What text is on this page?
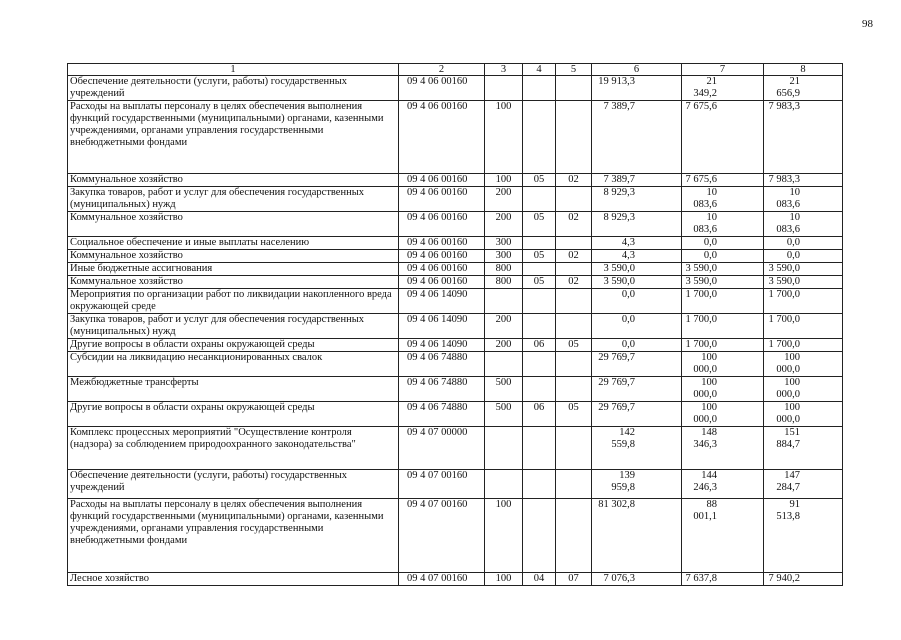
98
1	2	3	4	5	6	7	8
Обеспечение деятельности (услуги, работы) государственных учреждений	09 4 06 00160				19 913,3	21 349,2	21 656,9
Расходы на выплаты персоналу в целях обеспечения выполнения функций государственными (муниципальными) органами, казенными учреждениями, органами управления государственными внебюджетными фондами	09 4 06 00160	100			7 389,7	7 675,6	7 983,3
Коммунальное хозяйство	09 4 06 00160	100	05	02	7 389,7	7 675,6	7 983,3
Закупка товаров, работ и услуг для обеспечения государственных (муниципальных) нужд	09 4 06 00160	200			8 929,3	10 083,6	10 083,6
Коммунальное хозяйство	09 4 06 00160	200	05	02	8 929,3	10 083,6	10 083,6
Социальное обеспечение и иные выплаты населению	09 4 06 00160	300			4,3	0,0	0,0
Коммунальное хозяйство	09 4 06 00160	300	05	02	4,3	0,0	0,0
Иные бюджетные ассигнования	09 4 06 00160	800			3 590,0	3 590,0	3 590,0
Коммунальное хозяйство	09 4 06 00160	800	05	02	3 590,0	3 590,0	3 590,0
Мероприятия по организации работ по ликвидации накопленного вреда окружающей среде	09 4 06 14090				0,0	1 700,0	1 700,0
Закупка товаров, работ и услуг для обеспечения государственных (муниципальных) нужд	09 4 06 14090	200			0,0	1 700,0	1 700,0
Другие вопросы в области охраны окружающей среды	09 4 06 14090	200	06	05	0,0	1 700,0	1 700,0
Субсидии на ликвидацию несанкционированных свалок	09 4 06 74880				29 769,7	100 000,0	100 000,0
Межбюджетные трансферты	09 4 06 74880	500			29 769,7	100 000,0	100 000,0
Другие вопросы в области охраны окружающей среды	09 4 06 74880	500	06	05	29 769,7	100 000,0	100 000,0
Комплекс процессных мероприятий "Осуществление контроля (надзора) за соблюдением природоохранного законодательства"	09 4 07 00000				142 559,8	148 346,3	151 884,7
Обеспечение деятельности (услуги, работы) государственных учреждений	09 4 07 00160				139 959,8	144 246,3	147 284,7
Расходы на выплаты персоналу в целях обеспечения выполнения функций государственными (муниципальными) органами, казенными учреждениями, органами управления государственными внебюджетными фондами	09 4 07 00160	100			81 302,8	88 001,1	91 513,8
Лесное хозяйство	09 4 07 00160	100	04	07	7 076,3	7 637,8	7 940,2
